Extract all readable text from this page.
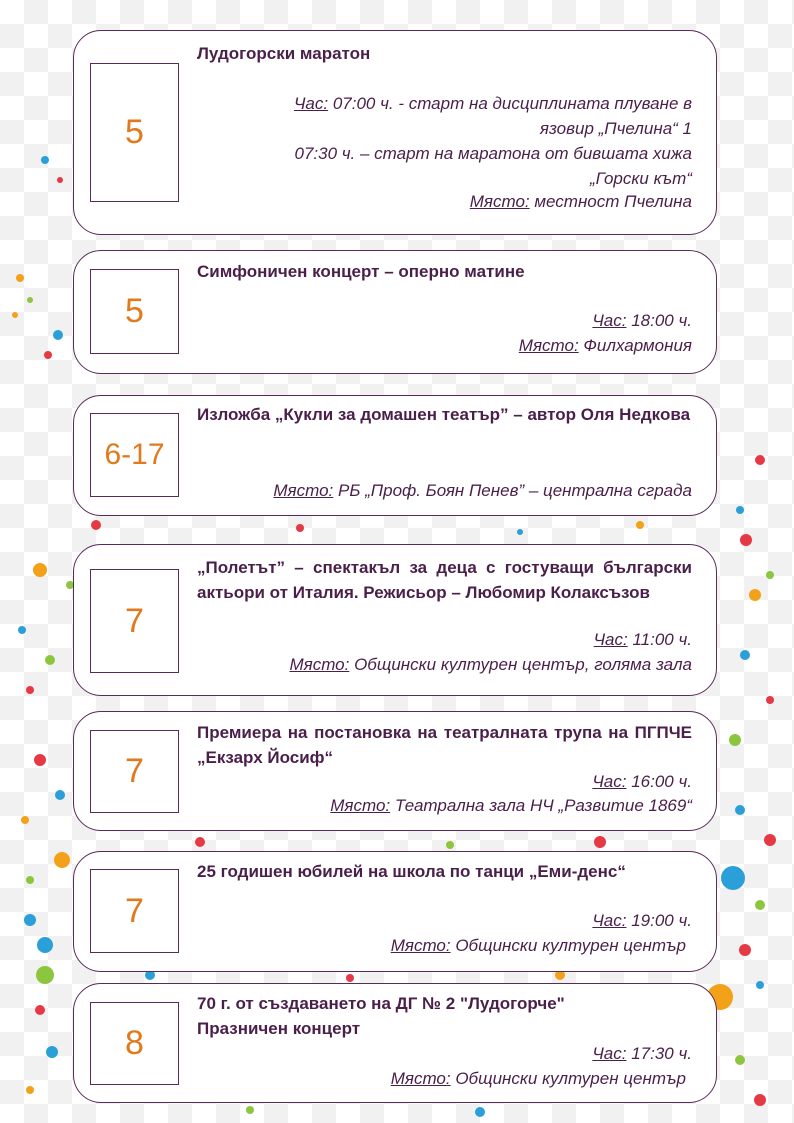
5
Лудогорски маратон
Час: 07:00 ч. - старт на дисциплината плуване в
язовир „Пчелина“ 1
07:30 ч. – старт на маратона от бившата хижа
„Горски кът“
Място: местност Пчелина
5
Симфоничен концерт – оперно матине
Час: 18:00 ч.
Място: Филхармония
6-17
Изложба „Кукли за домашен театър” – автор Оля Недкова
Място: РБ „Проф. Боян Пенев” – централна сграда
7
„Полетът” – спектакъл за деца с гостуващи български актьори от Италия. Режисьор – Любомир Колаксъзов
Час: 11:00 ч.
Място: Общински културен център, голяма зала
7
Премиера на постановка на театралната трупа на ПГПЧЕ „Екзарх Йосиф“
Час: 16:00 ч.
Място: Театрална зала НЧ „Развитие 1869“
7
25 годишен юбилей на школа по танци „Еми-денс“
Час: 19:00 ч.
Място: Общински културен център
8
70 г. от създаването на ДГ № 2 "Лудогорче" Празничен концерт
Час: 17:30 ч.
Място: Общински културен център
